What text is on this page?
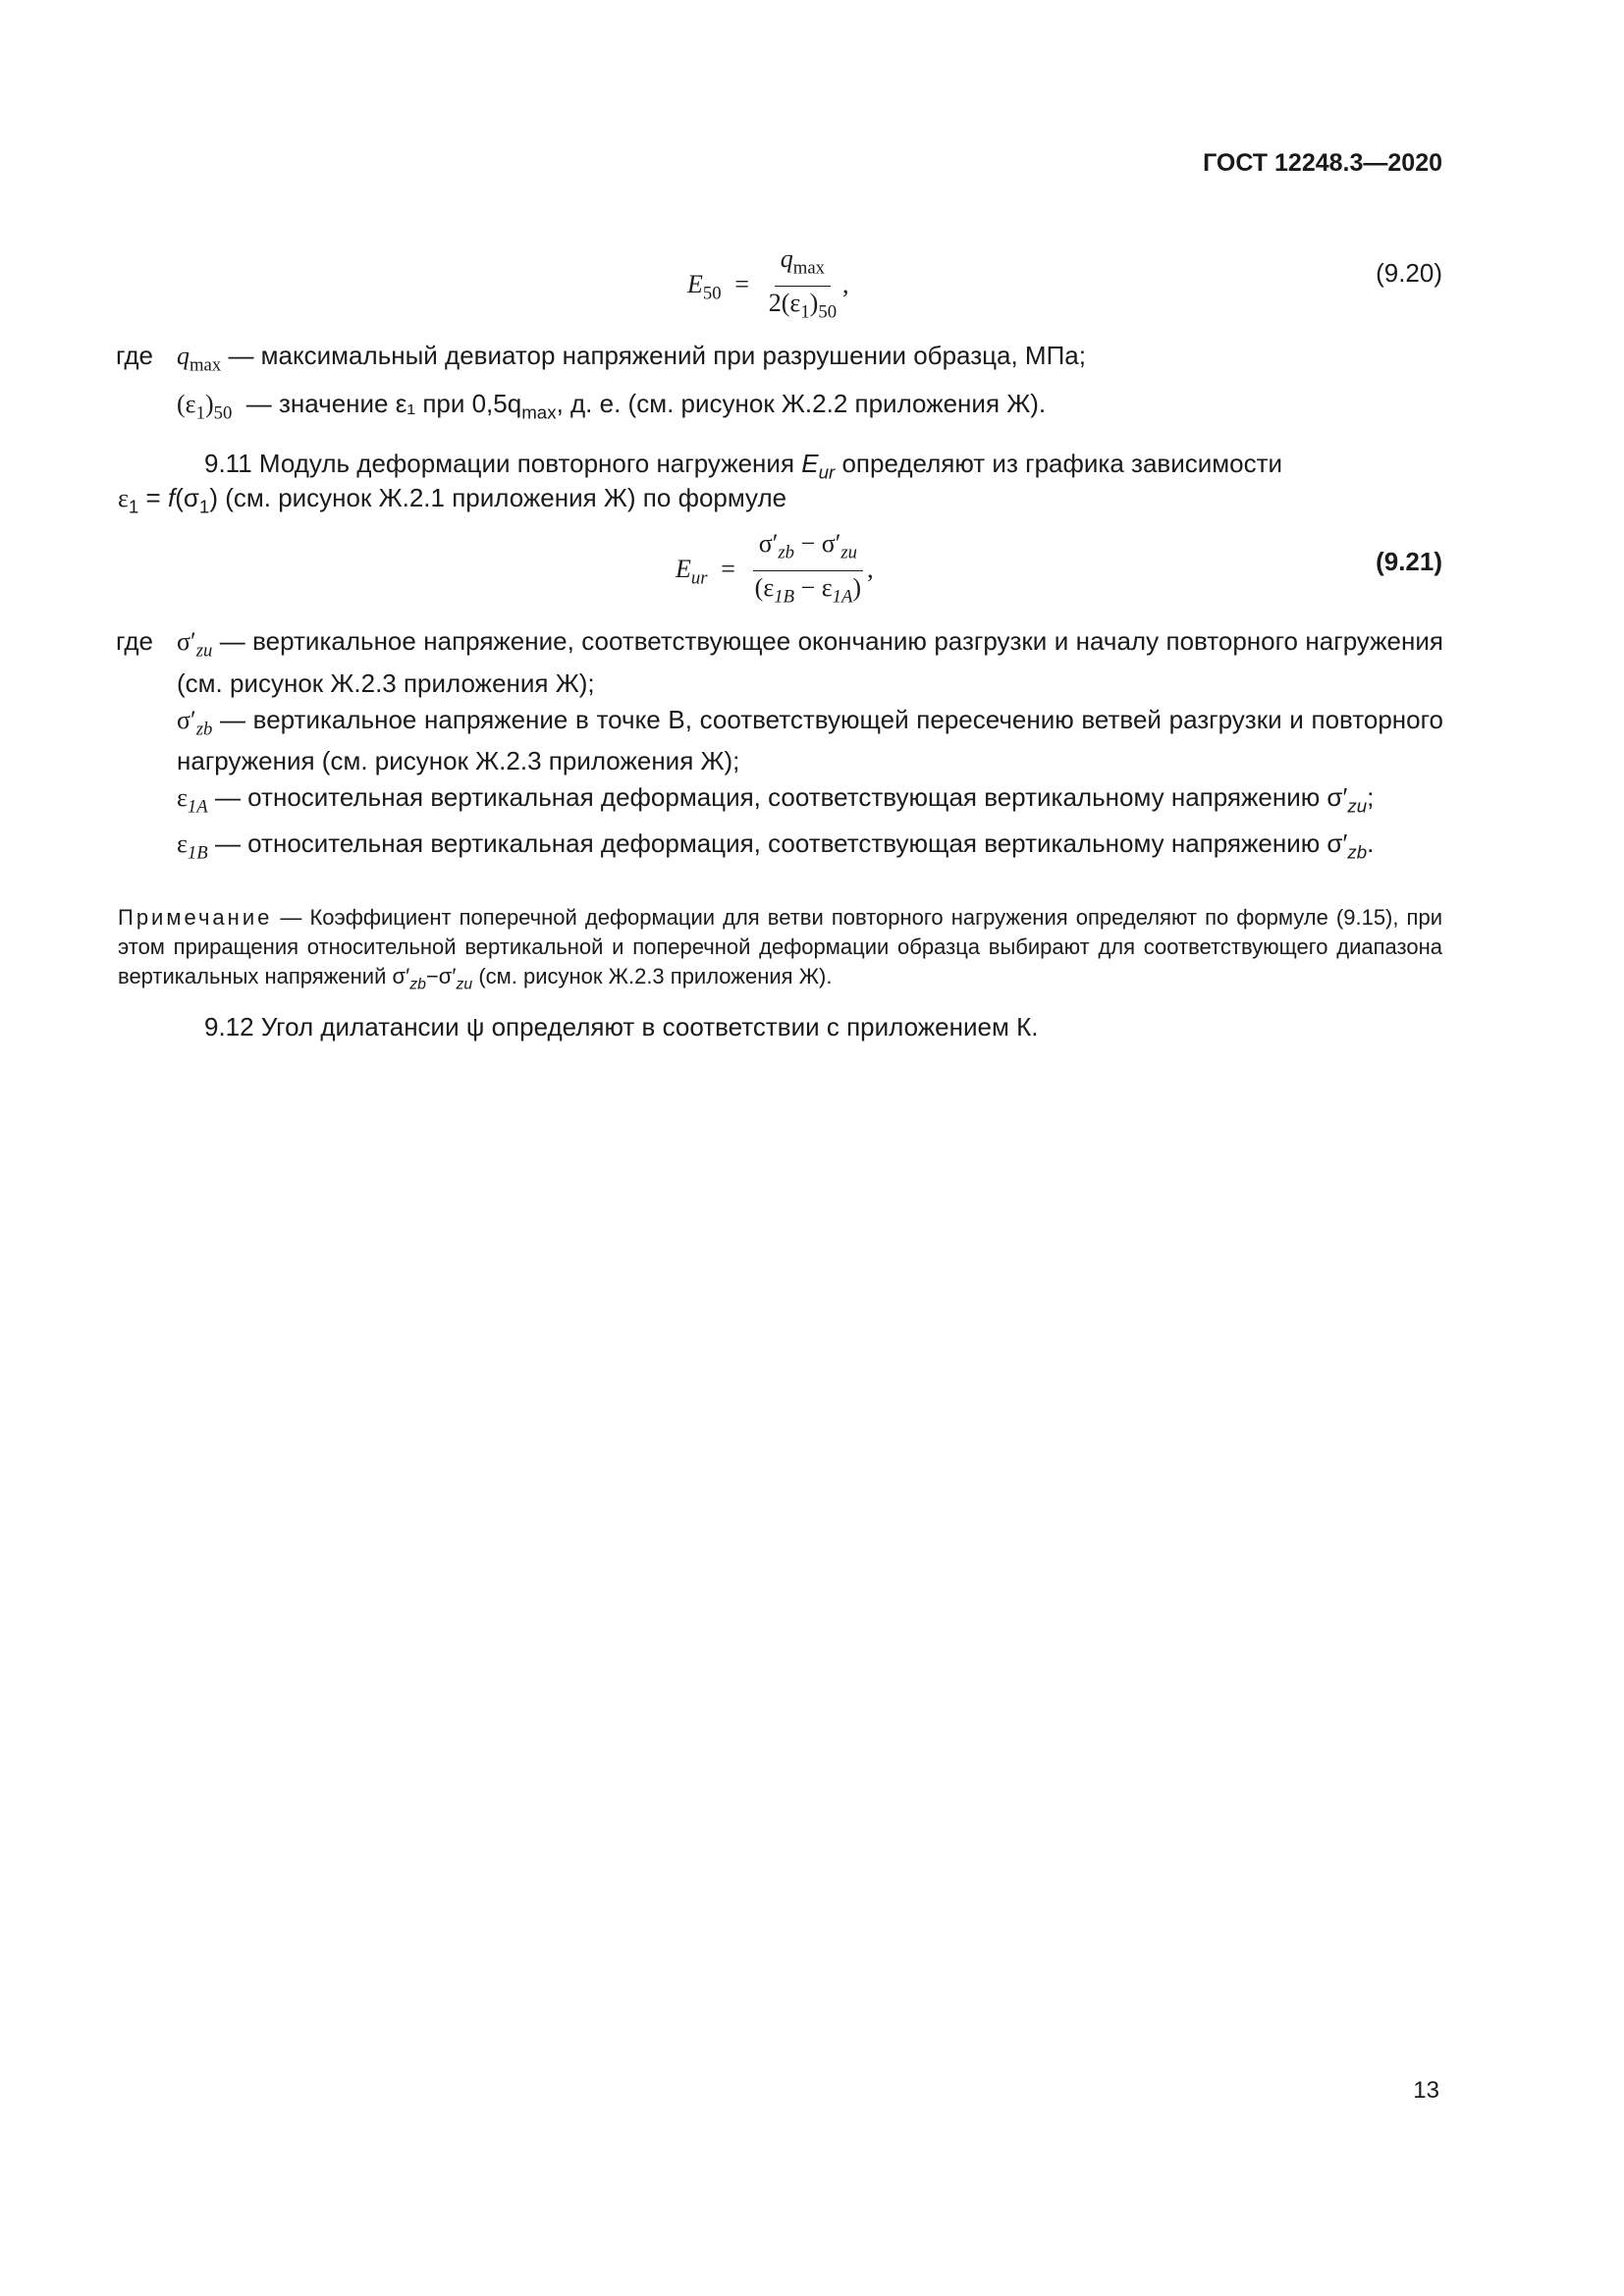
ГОСТ 12248.3—2020
$E_{50} = \frac{q_{max}}{2(\varepsilon_1)_{50}}$ ,	(9.20)
где $q_{max}$ — максимальный девиатор напряжений при разрушении образца, МПа;
$(\varepsilon_1)_{50}$ — значение ε₁ при $0,5q_{max}$, д. е. (см. рисунок Ж.2.2 приложения Ж).
9.11 Модуль деформации повторного нагружения $E_{ur}$ определяют из графика зависимости
$\varepsilon_1 = f(\sigma_1)$ (см. рисунок Ж.2.1 приложения Ж) по формуле
$E_{ur} = \frac{\sigma'_{zb} - \sigma'_{zu}}{(\varepsilon_{1B} - \varepsilon_{1A})}$ ,	(9.21)
где $\sigma'_{zu}$ — вертикальное напряжение, соответствующее окончанию разгрузки и началу повторного нагружения (см. рисунок Ж.2.3 приложения Ж);
$\sigma'_{zb}$ — вертикальное напряжение в точке B, соответствующей пересечению ветвей разгрузки и повторного нагружения (см. рисунок Ж.2.3 приложения Ж);
$\varepsilon_{1A}$ — относительная вертикальная деформация, соответствующая вертикальному напряжению $\sigma'_{zu}$;
$\varepsilon_{1B}$ — относительная вертикальная деформация, соответствующая вертикальному напряжению $\sigma'_{zb}$.
Примечание — Коэффициент поперечной деформации для ветви повторного нагружения определяют по формуле (9.15), при этом приращения относительной вертикальной и поперечной деформации образца выбирают для соответствующего диапазона вертикальных напряжений $\sigma'_{zb}-\sigma'_{zu}$ (см. рисунок Ж.2.3 приложения Ж).
9.12 Угол дилатансии ψ определяют в соответствии с приложением К.
13
